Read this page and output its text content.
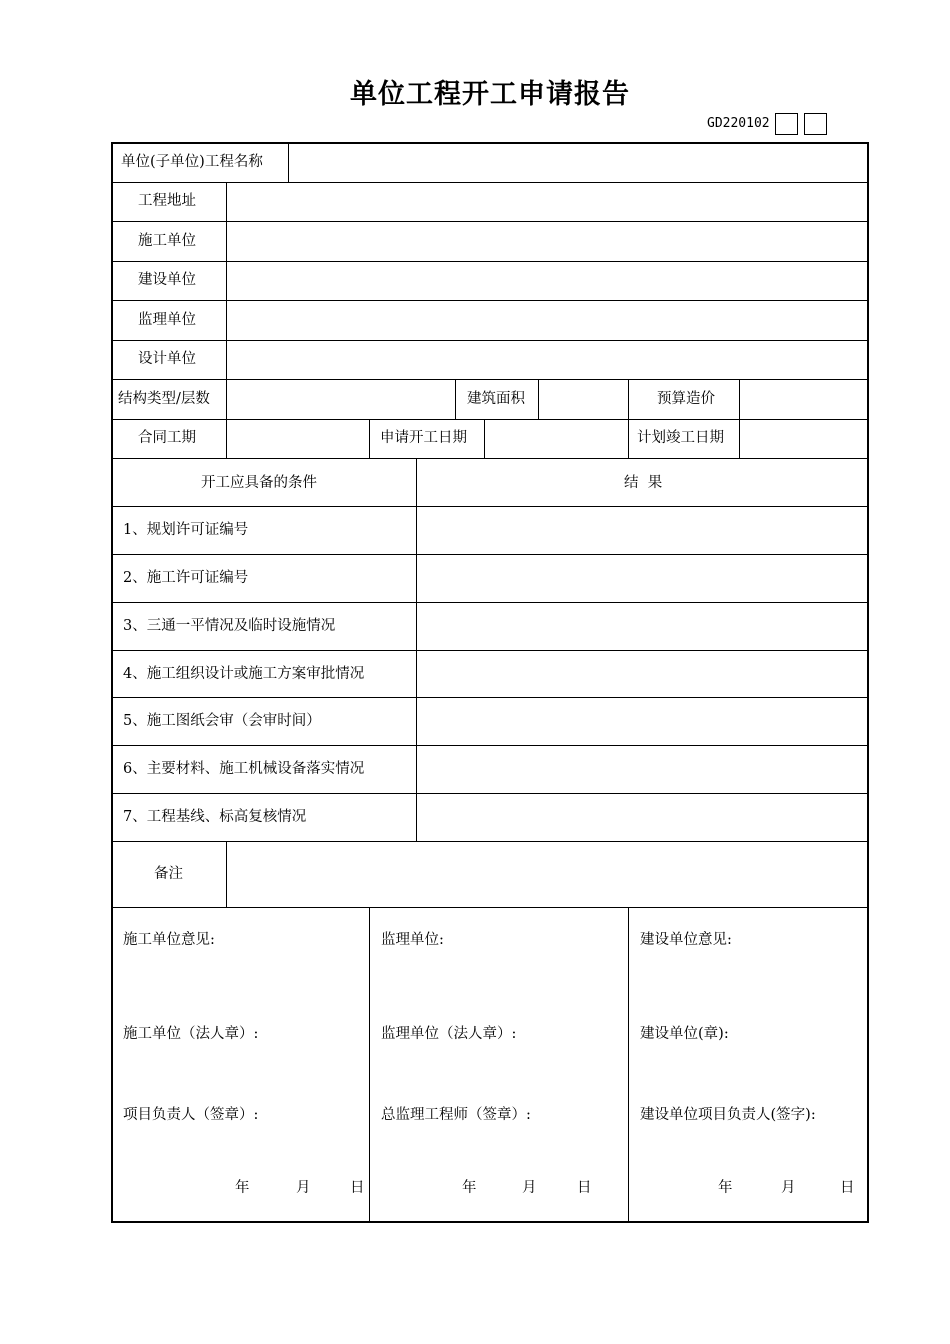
单位工程开工申请报告
GD220102
单位(子单位)工程名称
工程地址
施工单位
建设单位
监理单位
设计单位
结构类型/层数	建筑面积	预算造价
合同工期	申请开工日期	计划竣工日期
开工应具备的条件	结  果
1、规划许可证编号
2、施工许可证编号
3、三通一平情况及临时设施情况
4、施工组织设计或施工方案审批情况
5、施工图纸会审（会审时间）
6、主要材料、施工机械设备落实情况
7、工程基线、标高复核情况
备注
施工单位意见:
施工单位（法人章）:
项目负责人（签章）:
年	月	日
监理单位:
监理单位（法人章）:
总监理工程师（签章）:
年	月	日
建设单位意见:
建设单位(章):
建设单位项目负责人(签字):
年	月	日
